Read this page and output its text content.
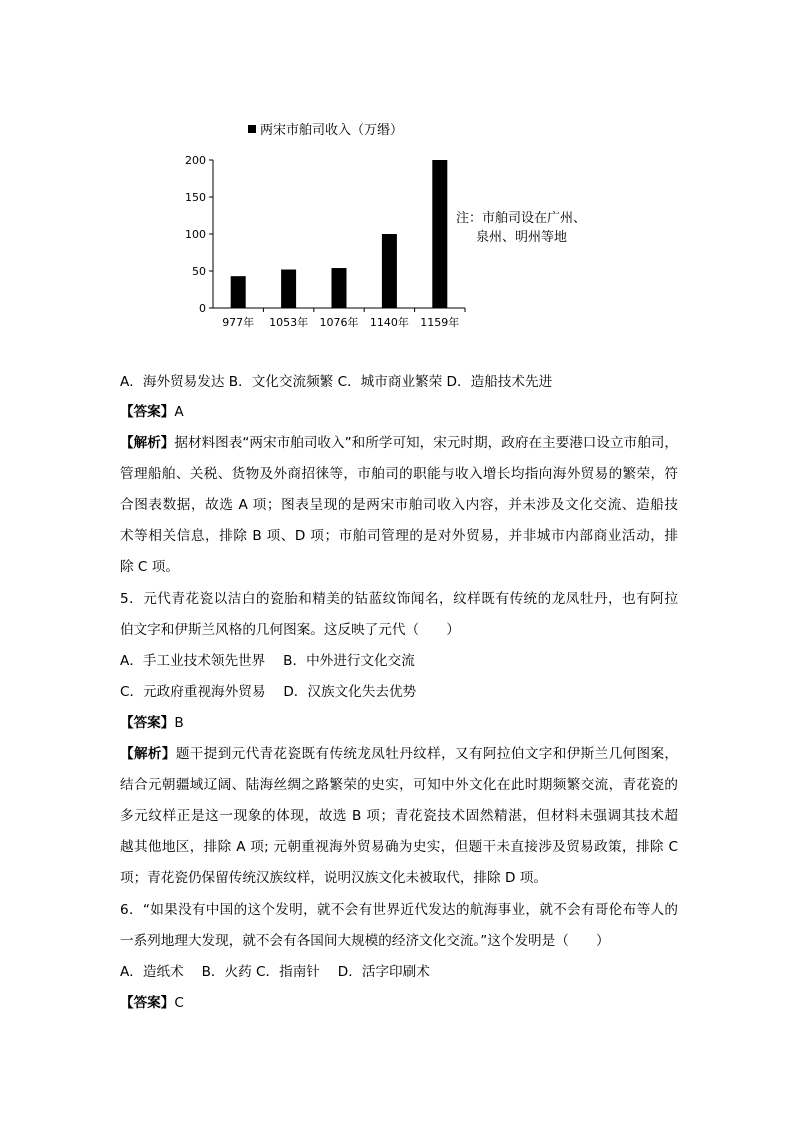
两宋市舶司收入（万缗）
200
150
100
50
0
977年 1053年 1076年 1140年 1159年
注：市舶司设在广州、
泉州、明州等地
A．海外贸易发达 B．文化交流频繁 C．城市商业繁荣 D．造船技术先进
【答案】A
【解析】据材料图表“两宋市舶司收入”和所学可知，宋元时期，政府在主要港口设立市舶司，
管理船舶、关税、货物及外商招徕等，市舶司的职能与收入增长均指向海外贸易的繁荣，符
合图表数据，故选 A 项；图表呈现的是两宋市舶司收入内容，并未涉及文化交流、造船技
术等相关信息，排除 B 项、D 项；市舶司管理的是对外贸易，并非城市内部商业活动，排
除 C 项。
5．元代青花瓷以洁白的瓷胎和精美的钴蓝纹饰闻名，纹样既有传统的龙凤牡丹，也有阿拉
伯文字和伊斯兰风格的几何图案。这反映了元代（　　）
A．手工业技术领先世界　 B．中外进行文化交流
C．元政府重视海外贸易　 D．汉族文化失去优势
【答案】B
【解析】题干提到元代青花瓷既有传统龙凤牡丹纹样，又有阿拉伯文字和伊斯兰几何图案，
结合元朝疆域辽阔、陆海丝绸之路繁荣的史实，可知中外文化在此时期频繁交流，青花瓷的
多元纹样正是这一现象的体现，故选 B 项；青花瓷技术固然精湛，但材料未强调其技术超
越其他地区，排除 A 项; 元朝重视海外贸易确为史实，但题干未直接涉及贸易政策，排除 C
项；青花瓷仍保留传统汉族纹样，说明汉族文化未被取代，排除 D 项。
6．“如果没有中国的这个发明，就不会有世界近代发达的航海事业，就不会有哥伦布等人的
一系列地理大发现，就不会有各国间大规模的经济文化交流。”这个发明是（　　）
A．造纸术　 B．火药 C．指南针　 D．活字印刷术
【答案】C
